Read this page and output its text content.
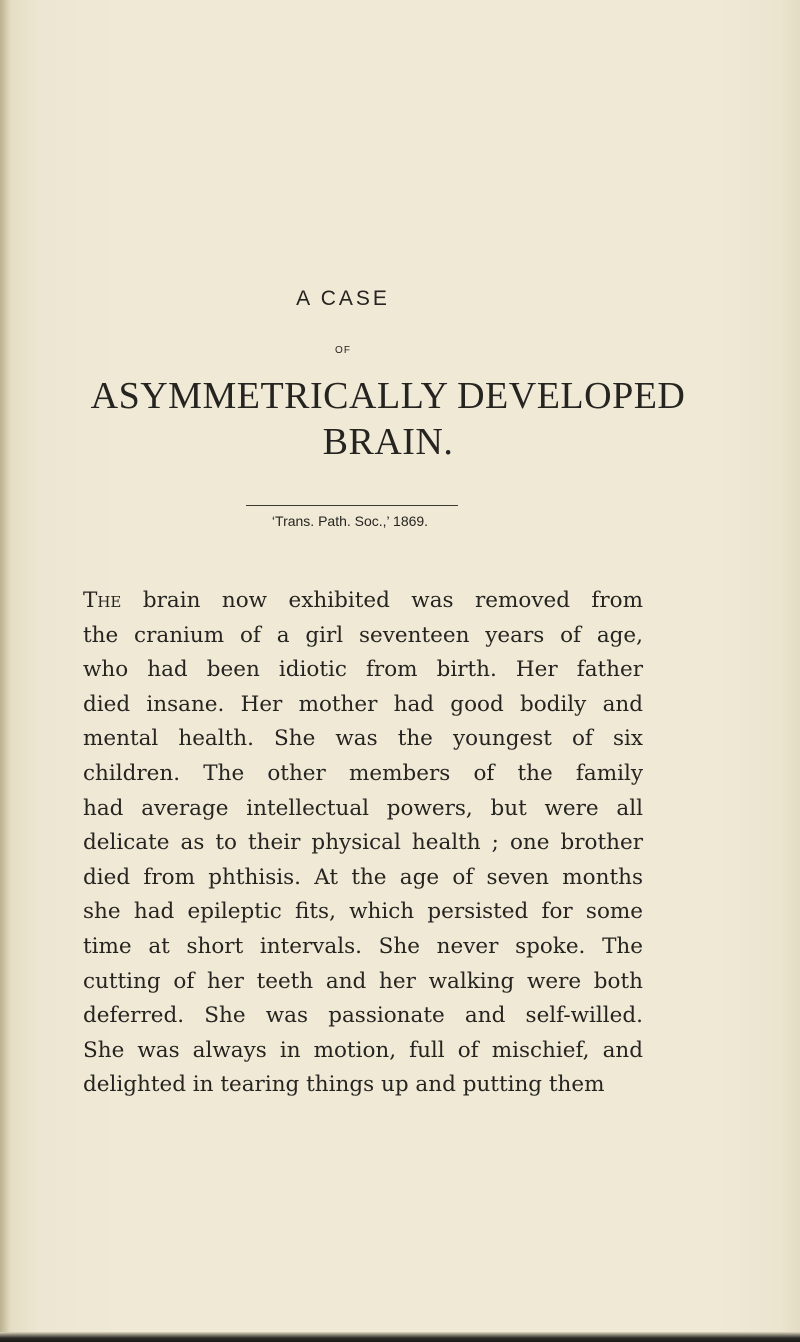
A CASE
OF
ASYMMETRICALLY DEVELOPED
BRAIN.
‘Trans. Path. Soc.,’ 1869.
The brain now exhibited was removed from
the cranium of a girl seventeen years of age,
who had been idiotic from birth. Her father
died insane. Her mother had good bodily and
mental health. She was the youngest of six
children. The other members of the family
had average intellectual powers, but were all
delicate as to their physical health ; one brother
died from phthisis. At the age of seven months
she had epileptic fits, which persisted for some
time at short intervals. She never spoke. The
cutting of her teeth and her walking were both
deferred. She was passionate and self-willed.
She was always in motion, full of mischief, and
delighted in tearing things up and putting them
